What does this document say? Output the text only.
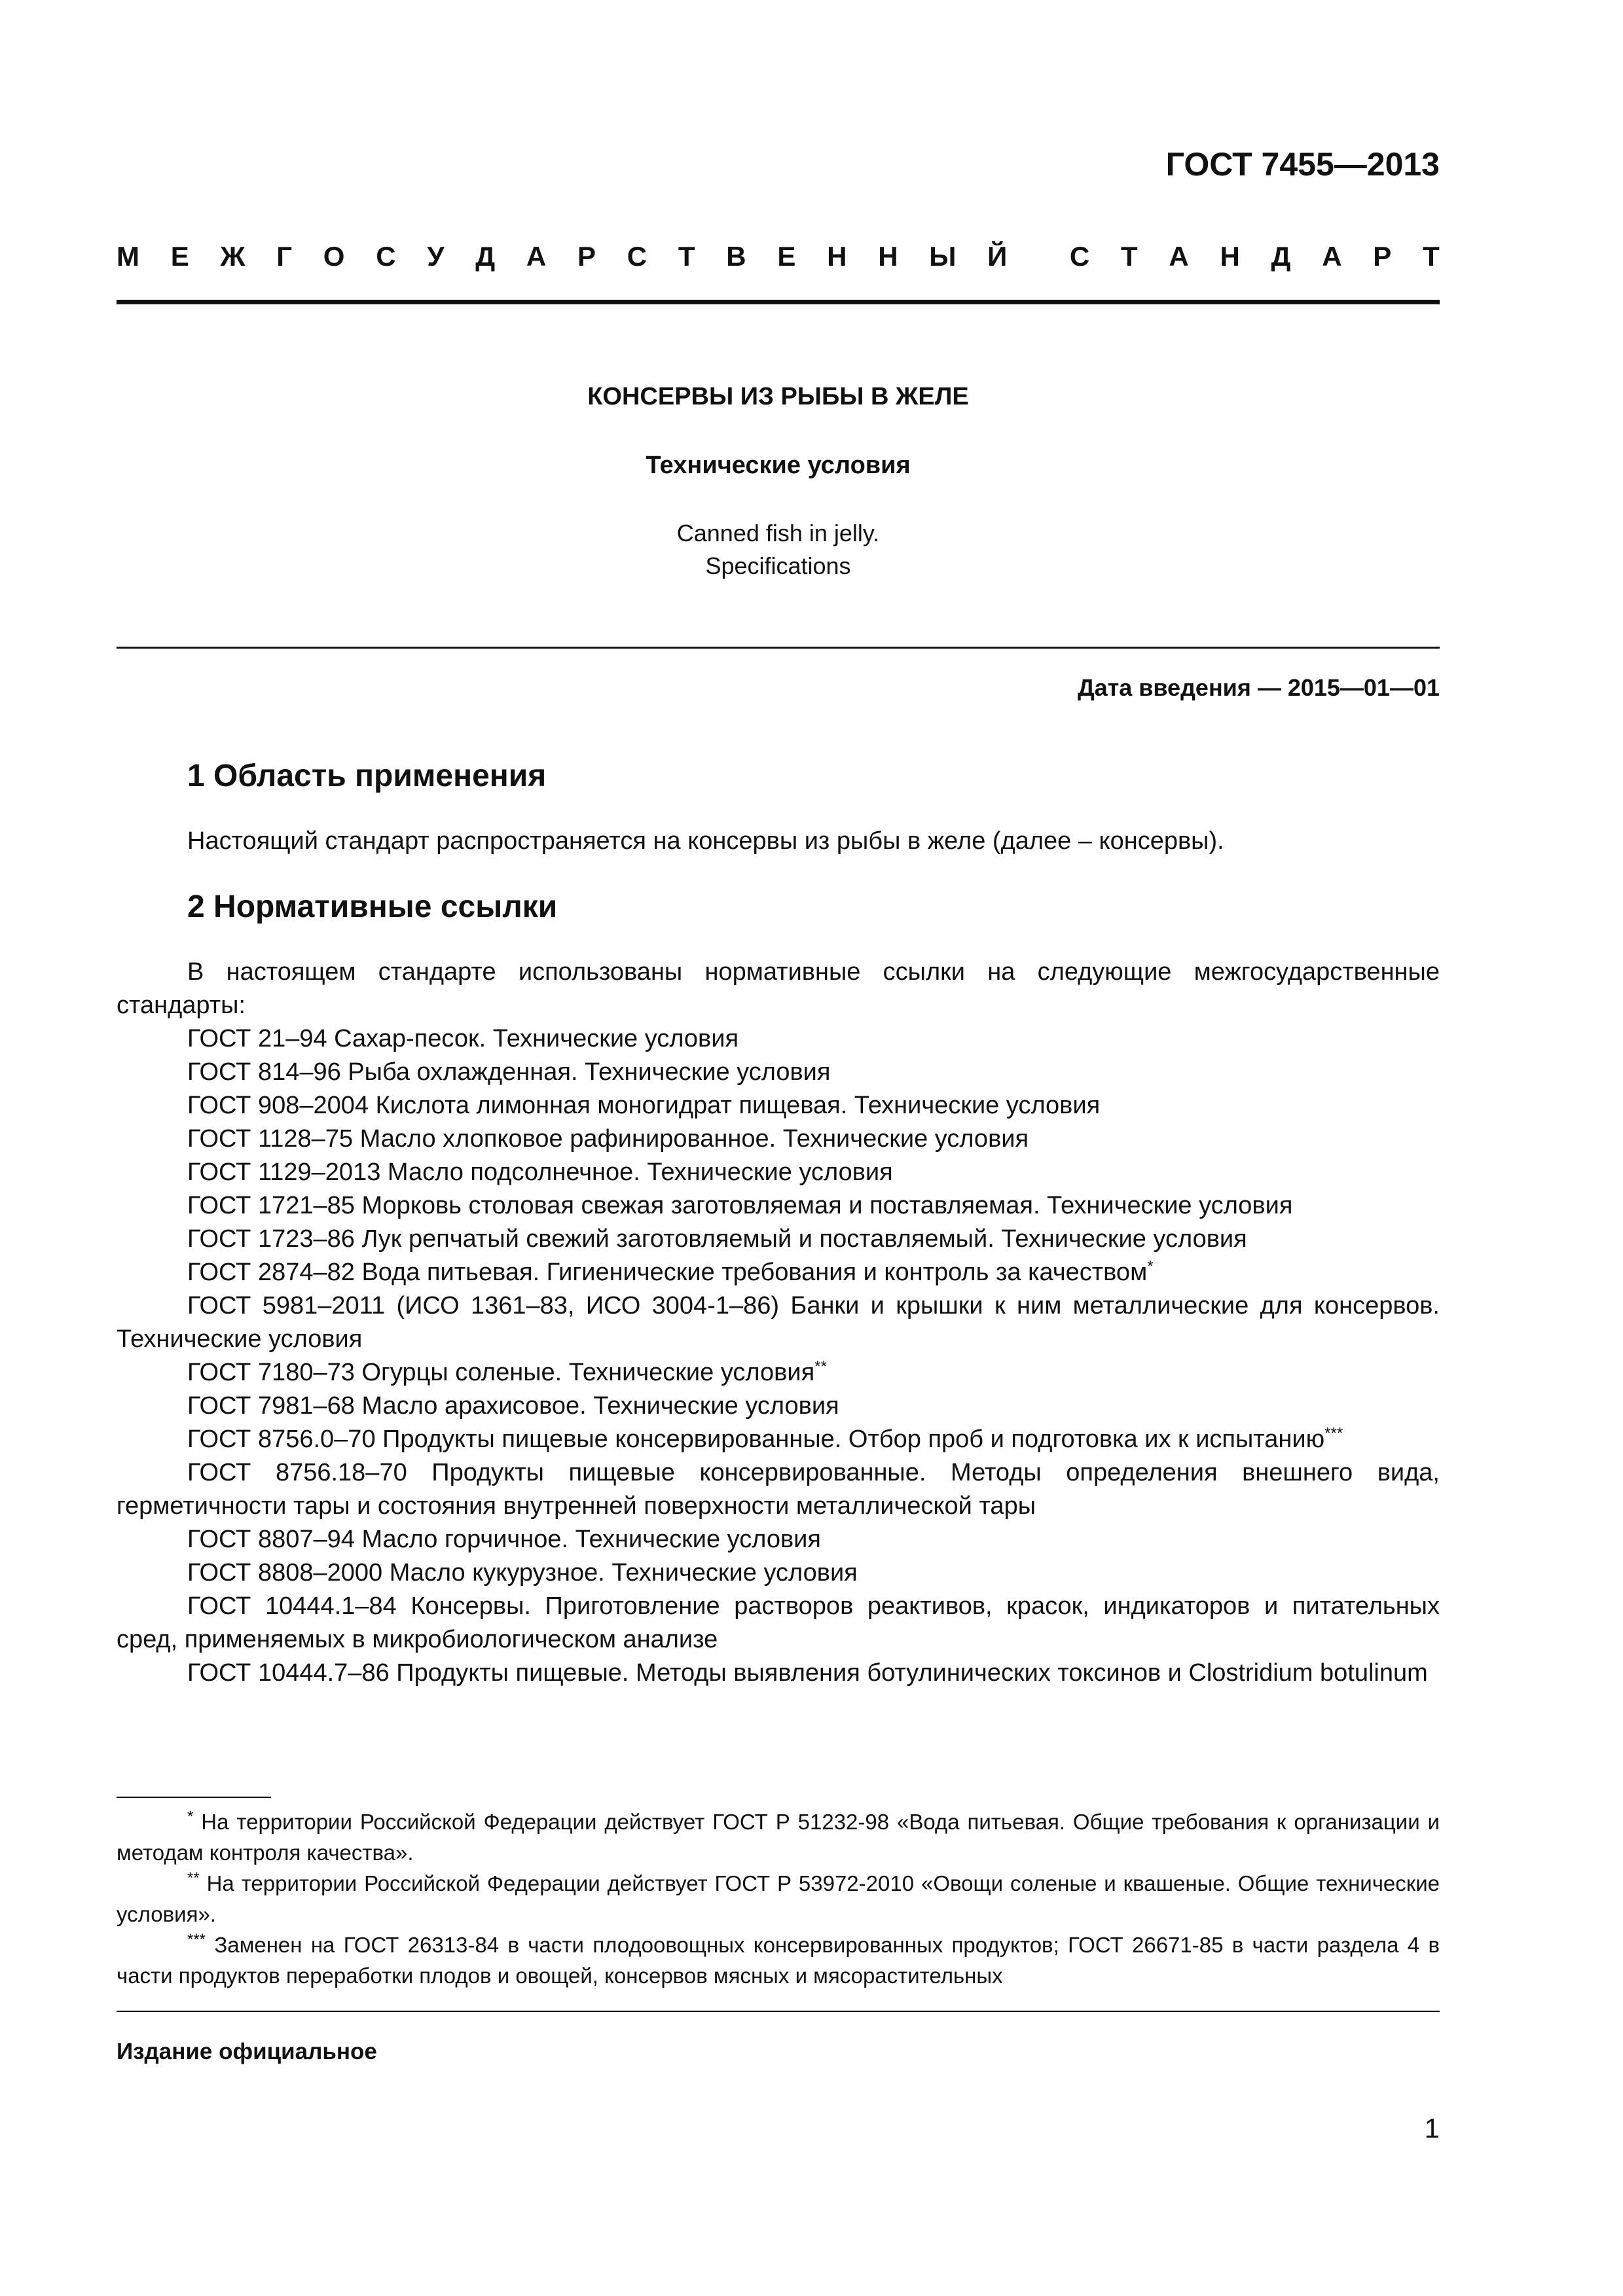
ГОСТ 7455—2013
М Е Ж Г О С У Д А Р С Т В Е Н Н Ы Й С Т А Н Д А Р Т
КОНСЕРВЫ ИЗ РЫБЫ В ЖЕЛЕ
Технические условия
Canned fish in jelly.
Specifications
Дата введения — 2015—01—01
1 Область применения
Настоящий стандарт распространяется на консервы из рыбы в желе (далее – консервы).
2 Нормативные ссылки
В настоящем стандарте использованы нормативные ссылки на следующие межгосударственные стандарты:
ГОСТ 21–94 Сахар-песок. Технические условия
ГОСТ 814–96 Рыба охлажденная. Технические условия
ГОСТ 908–2004 Кислота лимонная моногидрат пищевая. Технические условия
ГОСТ 1128–75 Масло хлопковое рафинированное. Технические условия
ГОСТ 1129–2013 Масло подсолнечное. Технические условия
ГОСТ 1721–85 Морковь столовая свежая заготовляемая и поставляемая. Технические условия
ГОСТ 1723–86 Лук репчатый свежий заготовляемый и поставляемый. Технические условия
ГОСТ 2874–82 Вода питьевая. Гигиенические требования и контроль за качеством*
ГОСТ 5981–2011 (ИСО 1361–83, ИСО 3004-1–86) Банки и крышки к ним металлические для консервов. Технические условия
ГОСТ 7180–73 Огурцы соленые. Технические условия**
ГОСТ 7981–68 Масло арахисовое. Технические условия
ГОСТ 8756.0–70 Продукты пищевые консервированные. Отбор проб и подготовка их к испытанию***
ГОСТ 8756.18–70 Продукты пищевые консервированные. Методы определения внешнего вида, герметичности тары и состояния внутренней поверхности металлической тары
ГОСТ 8807–94 Масло горчичное. Технические условия
ГОСТ 8808–2000 Масло кукурузное. Технические условия
ГОСТ 10444.1–84 Консервы. Приготовление растворов реактивов, красок, индикаторов и питательных сред, применяемых в микробиологическом анализе
ГОСТ 10444.7–86 Продукты пищевые. Методы выявления ботулинических токсинов и Clostridium botulinum
* На территории Российской Федерации действует ГОСТ Р 51232-98 «Вода питьевая. Общие требования к организации и методам контроля качества».
** На территории Российской Федерации действует ГОСТ Р 53972-2010 «Овощи соленые и квашеные. Общие технические условия».
*** Заменен на ГОСТ 26313-84 в части плодоовощных консервированных продуктов; ГОСТ 26671-85 в части раздела 4 в части продуктов переработки плодов и овощей, консервов мясных и мясорастительных
Издание официальное
1
